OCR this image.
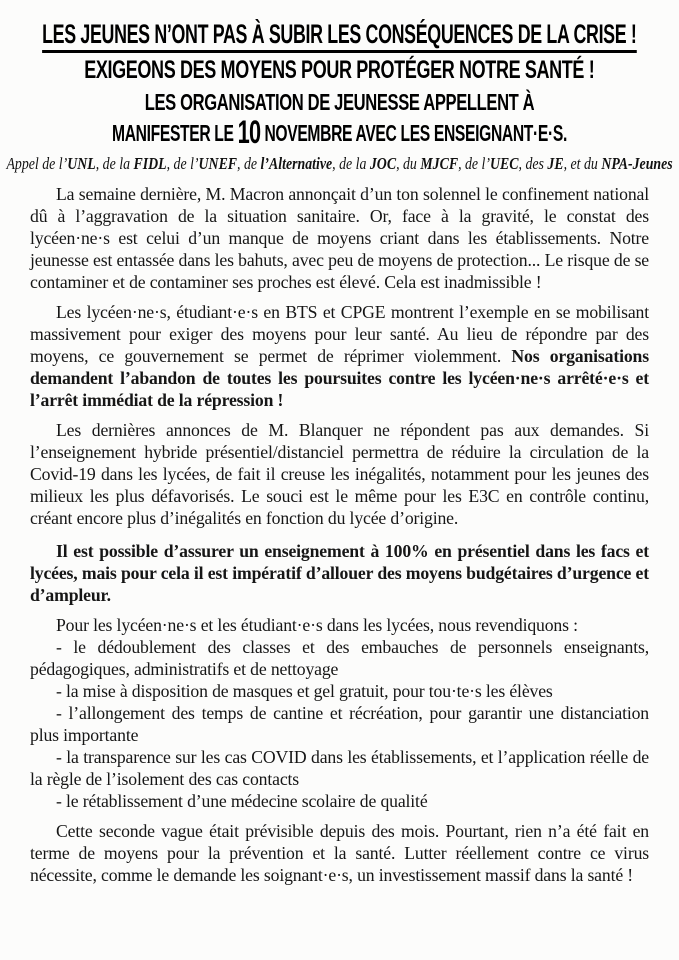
LES JEUNES N’ONT PAS À SUBIR LES CONSÉQUENCES DE LA CRISE !
EXIGEONS DES MOYENS POUR PROTÉGER NOTRE SANTÉ !
LES ORGANISATION DE JEUNESSE APPELLENT À
MANIFESTER LE 10 NOVEMBRE AVEC LES ENSEIGNANT·E·S.

Appel de l’UNL, de la FIDL, de l’UNEF, de l’Alternative, de la JOC, du MJCF, de l’UEC, des JE, et du NPA-Jeunes

La semaine dernière, M. Macron annonçait d’un ton solennel le confinement national dû à l’aggravation de la situation sanitaire. Or, face à la gravité, le constat des lycéen·ne·s est celui d’un manque de moyens criant dans les établissements. Notre jeunesse est entassée dans les bahuts, avec peu de moyens de protection... Le risque de se contaminer et de contaminer ses proches est élevé. Cela est inadmissible !

Les lycéen·ne·s, étudiant·e·s en BTS et CPGE montrent l’exemple en se mobilisant massivement pour exiger des moyens pour leur santé. Au lieu de répondre par des moyens, ce gouvernement se permet de réprimer violemment. Nos organisations demandent l’abandon de toutes les poursuites contre les lycéen·ne·s arrêté·e·s et l’arrêt immédiat de la répression !

Les dernières annonces de M. Blanquer ne répondent pas aux demandes. Si l’enseignement hybride présentiel/distanciel permettra de réduire la circulation de la Covid-19 dans les lycées, de fait il creuse les inégalités, notamment pour les jeunes des milieux les plus défavorisés. Le souci est le même pour les E3C en contrôle continu, créant encore plus d’inégalités en fonction du lycée d’origine.

Il est possible d’assurer un enseignement à 100% en présentiel dans les facs et lycées, mais pour cela il est impératif d’allouer des moyens budgétaires d’urgence et d’ampleur.

Pour les lycéen·ne·s et les étudiant·e·s dans les lycées, nous revendiquons :

- le dédoublement des classes et des embauches de personnels enseignants, pédagogiques, administratifs et de nettoyage

- la mise à disposition de masques et gel gratuit, pour tou·te·s les élèves

- l’allongement des temps de cantine et récréation, pour garantir une distanciation plus importante

- la transparence sur les cas COVID dans les établissements, et l’application réelle de la règle de l’isolement des cas contacts

- le rétablissement d’une médecine scolaire de qualité

Cette seconde vague était prévisible depuis des mois. Pourtant, rien n’a été fait en terme de moyens pour la prévention et la santé. Lutter réellement contre ce virus nécessite, comme le demande les soignant·e·s, un investissement massif dans la santé !
